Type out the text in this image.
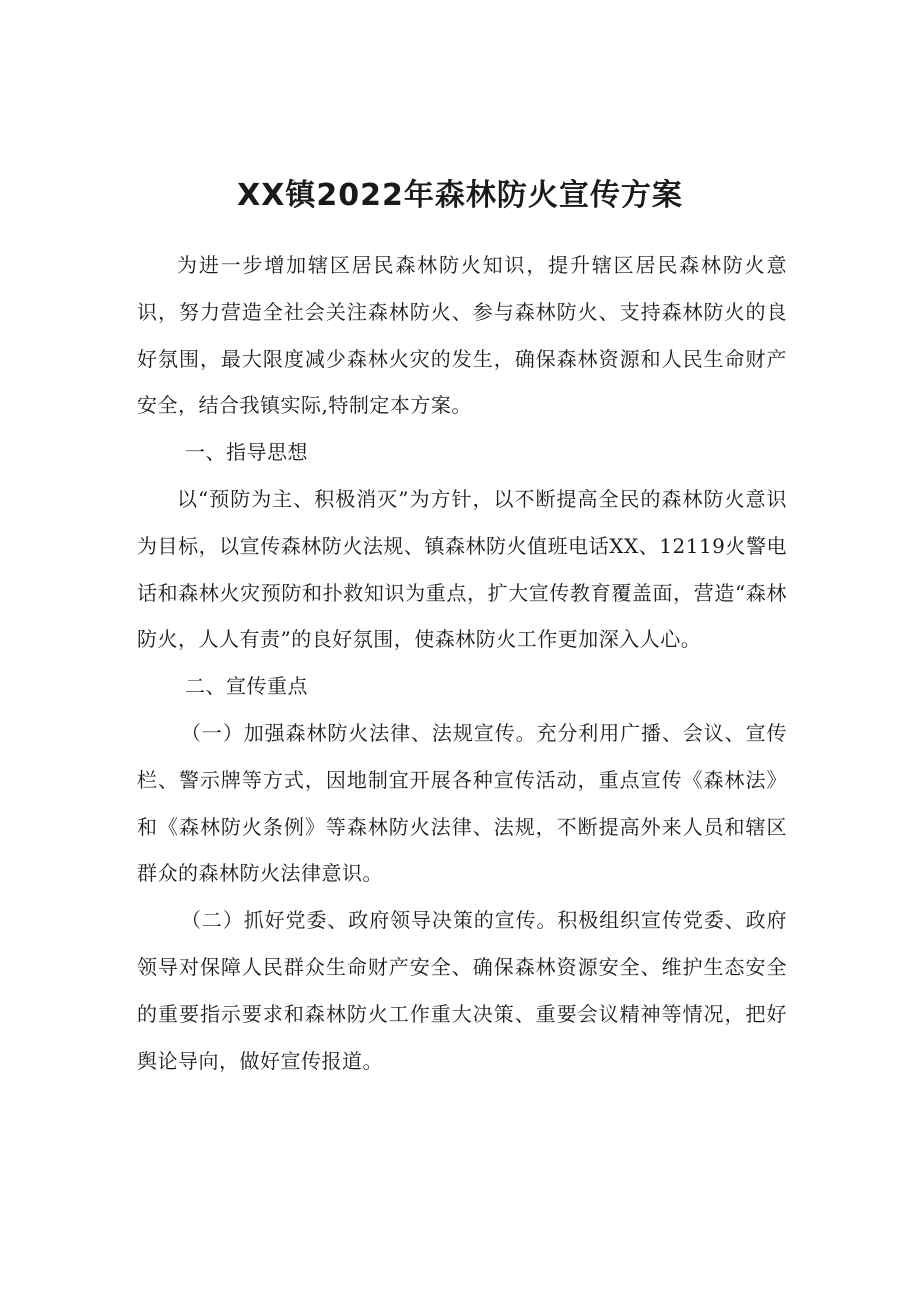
XX镇2022年森林防火宣传方案

为进一步增加辖区居民森林防火知识，提升辖区居民森林防火意识，努力营造全社会关注森林防火、参与森林防火、支持森林防火的良好氛围，最大限度减少森林火灾的发生，确保森林资源和人民生命财产安全，结合我镇实际,特制定本方案。

一、指导思想

以“预防为主、积极消灭”为方针，以不断提高全民的森林防火意识为目标，以宣传森林防火法规、镇森林防火值班电话XX、12119火警电话和森林火灾预防和扑救知识为重点，扩大宣传教育覆盖面，营造“森林防火，人人有责”的良好氛围，使森林防火工作更加深入人心。

二、宣传重点

（一）加强森林防火法律、法规宣传。充分利用广播、会议、宣传栏、警示牌等方式，因地制宜开展各种宣传活动，重点宣传《森林法》和《森林防火条例》等森林防火法律、法规，不断提高外来人员和辖区群众的森林防火法律意识。

（二）抓好党委、政府领导决策的宣传。积极组织宣传党委、政府领导对保障人民群众生命财产安全、确保森林资源安全、维护生态安全的重要指示要求和森林防火工作重大决策、重要会议精神等情况，把好舆论导向，做好宣传报道。
